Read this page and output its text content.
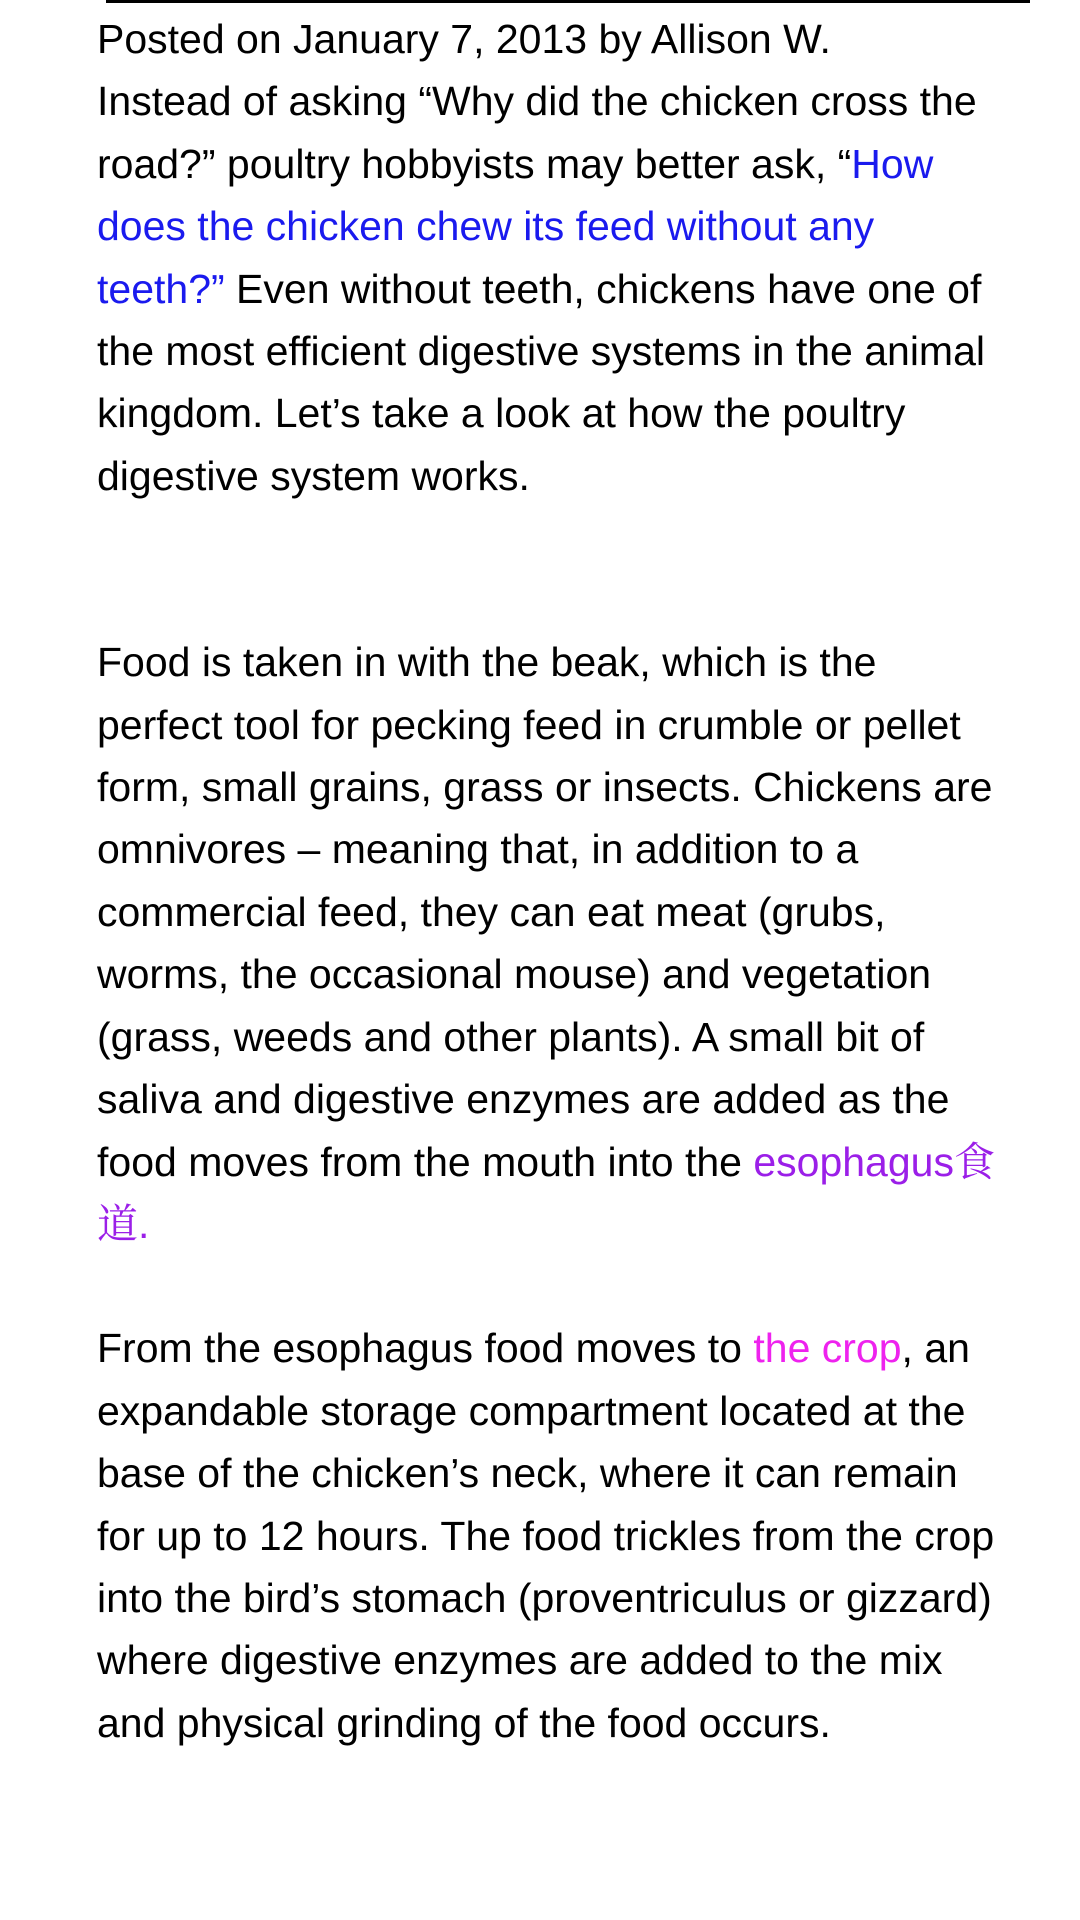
Posted on January 7, 2013 by Allison W.

Instead of asking “Why did the chicken cross the road?” poultry hobbyists may better ask, “How does the chicken chew its feed without any teeth?” Even without teeth, chickens have one of the most efficient digestive systems in the animal kingdom. Let’s take a look at how the poultry digestive system works.

Food is taken in with the beak, which is the perfect tool for pecking feed in crumble or pellet form, small grains, grass or insects. Chickens are omnivores – meaning that, in addition to a commercial feed, they can eat meat (grubs, worms, the occasional mouse) and vegetation (grass, weeds and other plants). A small bit of saliva and digestive enzymes are added as the food moves from the mouth into the esophagus食道.

From the esophagus food moves to the crop, an expandable storage compartment located at the base of the chicken’s neck, where it can remain for up to 12 hours. The food trickles from the crop into the bird’s stomach (proventriculus or gizzard) where digestive enzymes are added to the mix and physical grinding of the food occurs.
